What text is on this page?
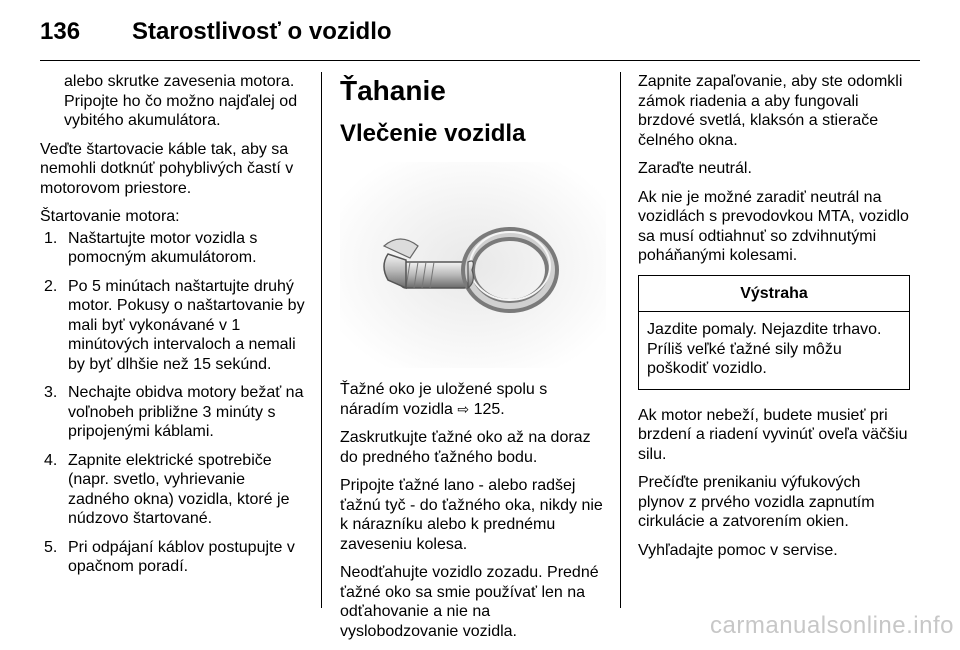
136 Starostlivosť o vozidlo
alebo skrutke zavesenia motora. Pripojte ho čo možno najďalej od vybitého akumulátora.

Veďte štartovacie káble tak, aby sa nemohli dotknúť pohyblivých častí v motorovom priestore.

Štartovanie motora:

1. Naštartujte motor vozidla s pomocným akumulátorom.
2. Po 5 minútach naštartujte druhý motor. Pokusy o naštartovanie by mali byť vykonávané v 1 minútových intervaloch a nemali by byť dlhšie než 15 sekúnd.
3. Nechajte obidva motory bežať na voľnobeh približne 3 minúty s pripojenými káblami.
4. Zapnite elektrické spotrebiče (napr. svetlo, vyhrievanie zadného okna) vozidla, ktoré je núdzovo štartované.
5. Pri odpájaní káblov postupujte v opačnom poradí.
Ťahanie
Vlečenie vozidla

Ťažné oko je uložené spolu s náradím vozidla ⇨ 125.

Zaskrutkujte ťažné oko až na doraz do predného ťažného bodu.

Pripojte ťažné lano - alebo radšej ťažnú tyč - do ťažného oka, nikdy nie k nárazníku alebo k prednému zaveseniu kolesa.

Neodťahujte vozidlo zozadu. Predné ťažné oko sa smie používať len na odťahovanie a nie na vyslobodzovanie vozidla.

Zapnite zapaľovanie, aby ste odomkli zámok riadenia a aby fungovali brzdové svetlá, klaksón a stierače čelného okna.

Zaraďte neutrál.

Ak nie je možné zaradiť neutrál na vozidlách s prevodovkou MTA, vozidlo sa musí odtiahnuť so zdvihnutými poháňanými kolesami.

Výstraha
Jazdite pomaly. Nejazdite trhavo. Príliš veľké ťažné sily môžu poškodiť vozidlo.

Ak motor nebeží, budete musieť pri brzdení a riadení vyvinúť oveľa väčšiu silu.

Prečíďte prenikaniu výfukových plynov z prvého vozidla zapnutím cirkulácie a zatvorením okien.

Vyhľadajte pomoc v servise.

carmanualsonline.info
